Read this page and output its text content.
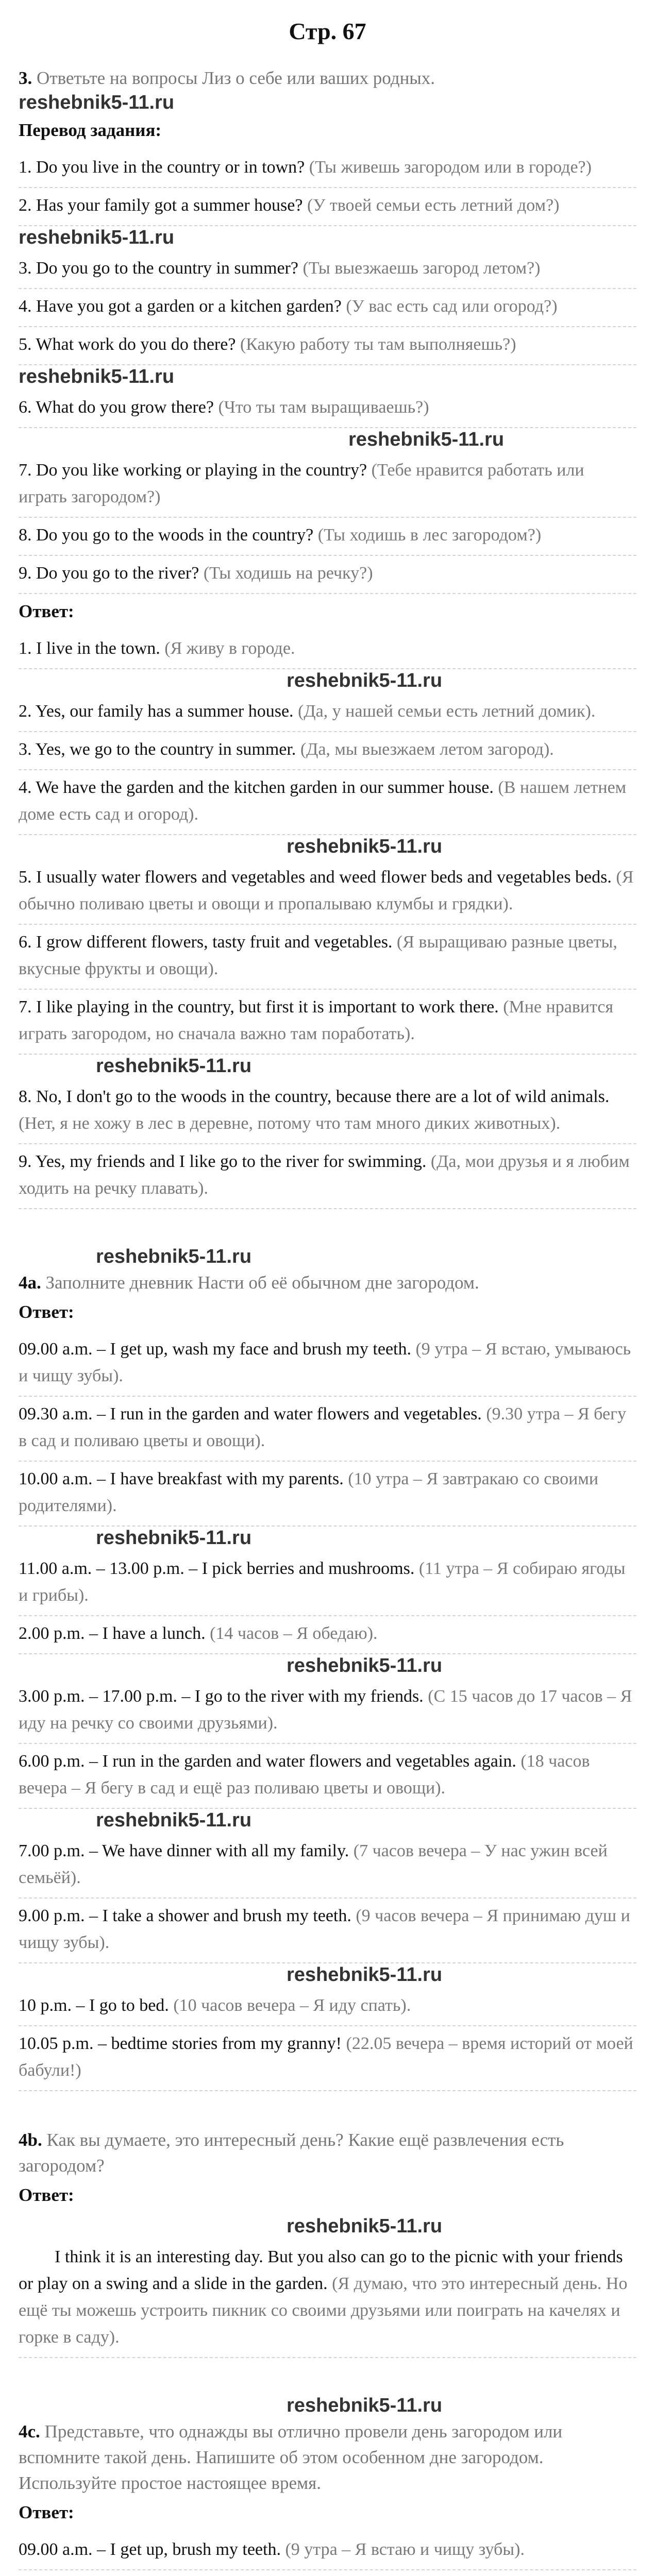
Стр. 67

3. Ответьте на вопросы Лиз о себе или ваших родных.

reshebnik5-11.ru
Перевод задания:

1. Do you live in the country or in town? (Ты живешь загородом или в городе?)

2. Has your family got a summer house? (У твоей семьи есть летний дом?)

reshebnik5-11.ru

3. Do you go to the country in summer? (Ты выезжаешь загород летом?)

4. Have you got a garden or a kitchen garden? (У вас есть сад или огород?)

5. What work do you do there? (Какую работу ты там выполняешь?)

reshebnik5-11.ru

6. What do you grow there? (Что ты там выращиваешь?)

reshebnik5-11.ru

7. Do you like working or playing in the country? (Тебе нравится работать или играть загородом?)

8. Do you go to the woods in the country? (Ты ходишь в лес загородом?)

9. Do you go to the river? (Ты ходишь на речку?)

Ответ:

1. I live in the town. (Я живу в городе.

reshebnik5-11.ru

2. Yes, our family has a summer house. (Да, у нашей семьи есть летний домик).

3. Yes, we go to the country in summer. (Да, мы выезжаем летом загород).

4. We have the garden and the kitchen garden in our summer house. (В нашем летнем доме есть сад и огород).

reshebnik5-11.ru

5. I usually water flowers and vegetables and weed flower beds and vegetables beds. (Я обычно поливаю цветы и овощи и пропалываю клумбы и грядки).

6. I grow different flowers, tasty fruit and vegetables. (Я выращиваю разные цветы, вкусные фрукты и овощи).

7. I like playing in the country, but first it is important to work there. (Мне нравится играть загородом, но сначала важно там поработать).

reshebnik5-11.ru

8. No, I don't go to the woods in the country, because there are a lot of wild animals. (Нет, я не хожу в лес в деревне, потому что там много диких животных).

9. Yes, my friends and I like go to the river for swimming. (Да, мои друзья и я любим ходить на речку плавать).

reshebnik5-11.ru

4a. Заполните дневник Насти об её обычном дне загородом.

Ответ:

09.00 a.m. – I get up, wash my face and brush my teeth. (9 утра – Я встаю, умываюсь и чищу зубы).

09.30 a.m. – I run in the garden and water flowers and vegetables. (9.30 утра – Я бегу в сад и поливаю цветы и овощи).

10.00 a.m. – I have breakfast with my parents. (10 утра – Я завтракаю со своими родителями).

reshebnik5-11.ru

11.00 a.m. – 13.00 p.m. – I pick berries and mushrooms. (11 утра – Я собираю ягоды и грибы).

2.00 p.m. – I have a lunch. (14 часов – Я обедаю).

reshebnik5-11.ru

3.00 p.m. – 17.00 p.m. – I go to the river with my friends. (С 15 часов до 17 часов – Я иду на речку со своими друзьями).

6.00 p.m. – I run in the garden and water flowers and vegetables again. (18 часов вечера – Я бегу в сад и ещё раз поливаю цветы и овощи).

reshebnik5-11.ru

7.00 p.m. – We have dinner with all my family. (7 часов вечера – У нас ужин всей семьёй).

9.00 p.m. – I take a shower and brush my teeth. (9 часов вечера – Я принимаю душ и чищу зубы).

reshebnik5-11.ru

10 p.m. – I go to bed. (10 часов вечера – Я иду спать).

10.05 p.m. – bedtime stories from my granny! (22.05 вечера – время историй от моей бабули!)

4b. Как вы думаете, это интересный день? Какие ещё развлечения есть загородом?

Ответ:
reshebnik5-11.ru

I think it is an interesting day. But you also can go to the picnic with your friends or play on a swing and a slide in the garden. (Я думаю, что это интересный день. Но ещё ты можешь устроить пикник со своими друзьями или поиграть на качелях и горке в саду).

reshebnik5-11.ru

4c. Представьте, что однажды вы отлично провели день загородом или вспомните такой день. Напишите об этом особенном дне загородом. Используйте простое настоящее время.

Ответ:

09.00 a.m. – I get up, brush my teeth. (9 утра – Я встаю и чищу зубы).
